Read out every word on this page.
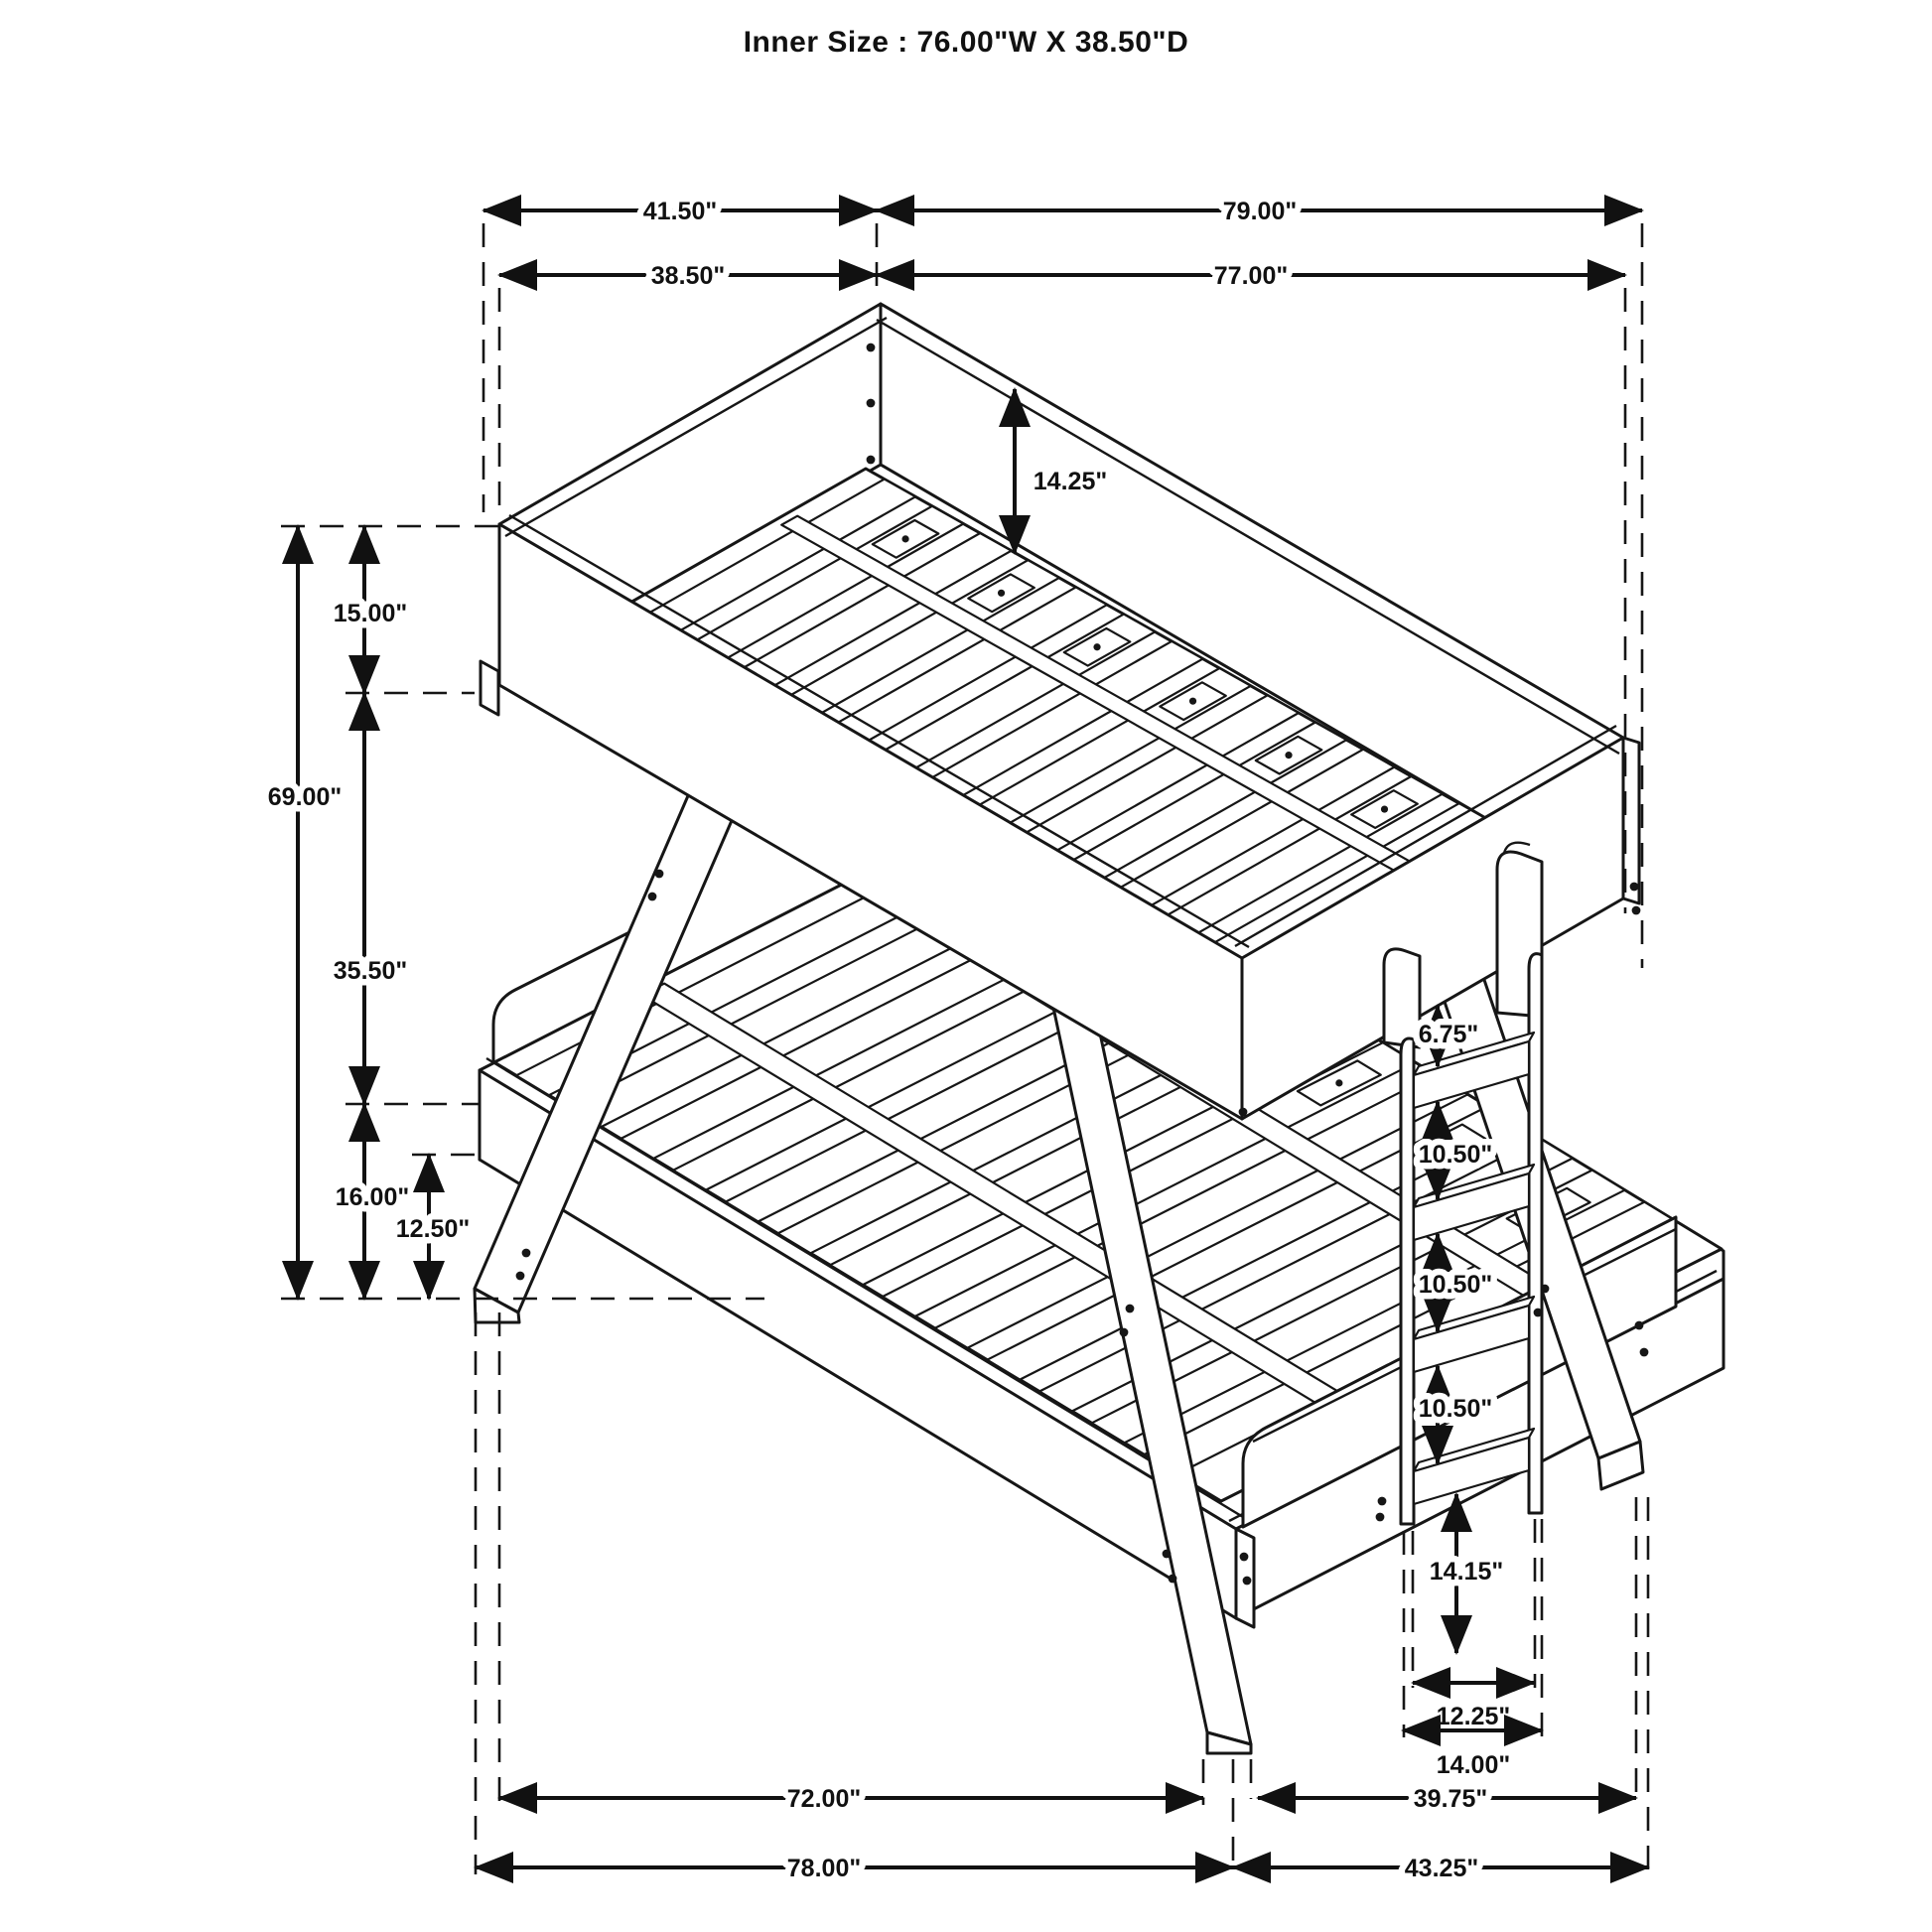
Inner Size : 76.00"W X 38.50"D
41.50"	79.00"
38.50"	77.00"
69.00"
15.00"
35.50"
16.00"
12.50"
14.25"
6.75"
10.50"
10.50"
10.50"
14.15"
12.25"
14.00"
72.00"	39.75"
78.00"	43.25"
